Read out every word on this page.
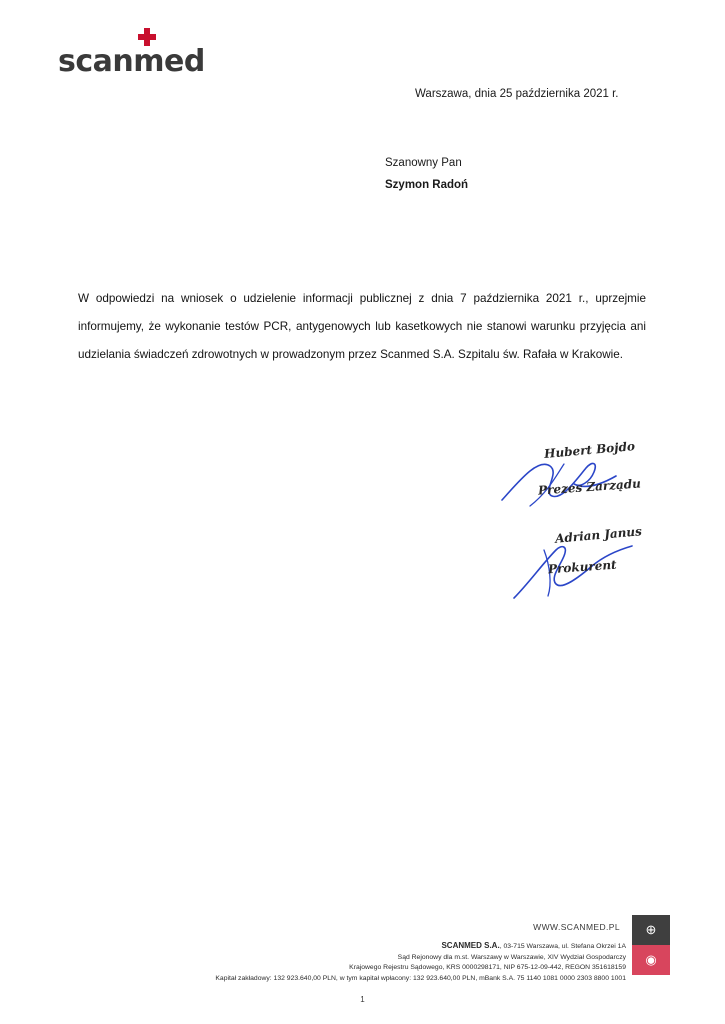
scanmed
Warszawa, dnia 25 października 2021 r.
Szanowny Pan
Szymon Radoń
W odpowiedzi na wniosek o udzielenie informacji publicznej z dnia 7 października 2021 r., uprzejmie informujemy, że wykonanie testów PCR, antygenowych lub kasetkowych nie stanowi warunku przyjęcia ani udzielania świadczeń zdrowotnych w prowadzonym przez Scanmed S.A. Szpitalu św. Rafała w Krakowie.
Hubert Bojdo
Prezes Zarządu
Adrian Janus
Prokurent
WWW.SCANMED.PL
SCANMED S.A., 03-715 Warszawa, ul. Stefana Okrzei 1A
Sąd Rejonowy dla m.st. Warszawy w Warszawie, XIV Wydział Gospodarczy
Krajowego Rejestru Sądowego, KRS 0000298171, NIP 675-12-09-442, REGON 351618159
Kapitał zakładowy: 132 923.640,00 PLN, w tym kapitał wpłacony: 132 923.640,00 PLN, mBank S.A. 75 1140 1081 0000 2303 8800 1001
⊕
◉
1
